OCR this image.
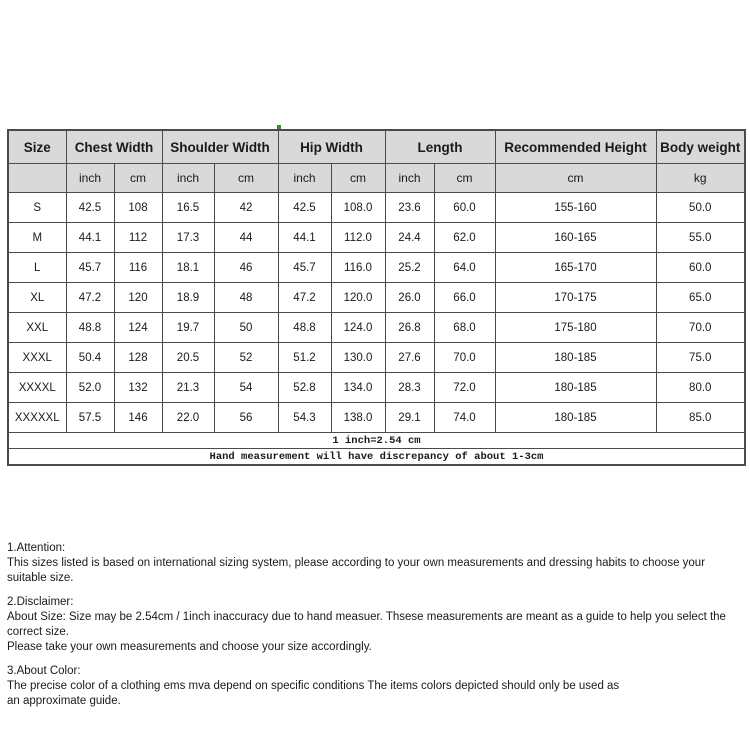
Size	Chest Width		Shoulder Width		Hip Width		Length		Recommended Height	Body weight
	inch	cm	inch	cm	inch	cm	inch	cm	cm	kg
S	42.5	108	16.5	42	42.5	108.0	23.6	60.0	155-160	50.0
M	44.1	112	17.3	44	44.1	112.0	24.4	62.0	160-165	55.0
L	45.7	116	18.1	46	45.7	116.0	25.2	64.0	165-170	60.0
XL	47.2	120	18.9	48	47.2	120.0	26.0	66.0	170-175	65.0
XXL	48.8	124	19.7	50	48.8	124.0	26.8	68.0	175-180	70.0
XXXL	50.4	128	20.5	52	51.2	130.0	27.6	70.0	180-185	75.0
XXXXL	52.0	132	21.3	54	52.8	134.0	28.3	72.0	180-185	80.0
XXXXXL	57.5	146	22.0	56	54.3	138.0	29.1	74.0	180-185	85.0
1 inch=2.54 cm										
Hand measurement will have discrepancy of about 1-3cm										
1.Attention:

This sizes listed is based on international sizing system, please according to your own measurements and dressing habits to choose your suitable size.

2.Disclaimer:

About Size: Size may be 2.54cm / 1inch inaccuracy due to hand measuer. Thsese measurements are meant as a guide to help you select the correct size.

Please take your own measurements and choose your size accordingly.

3.About Color:

The precise color of a clothing ems mva depend on specific conditions The items colors depicted should only be used as

an approximate guide.
